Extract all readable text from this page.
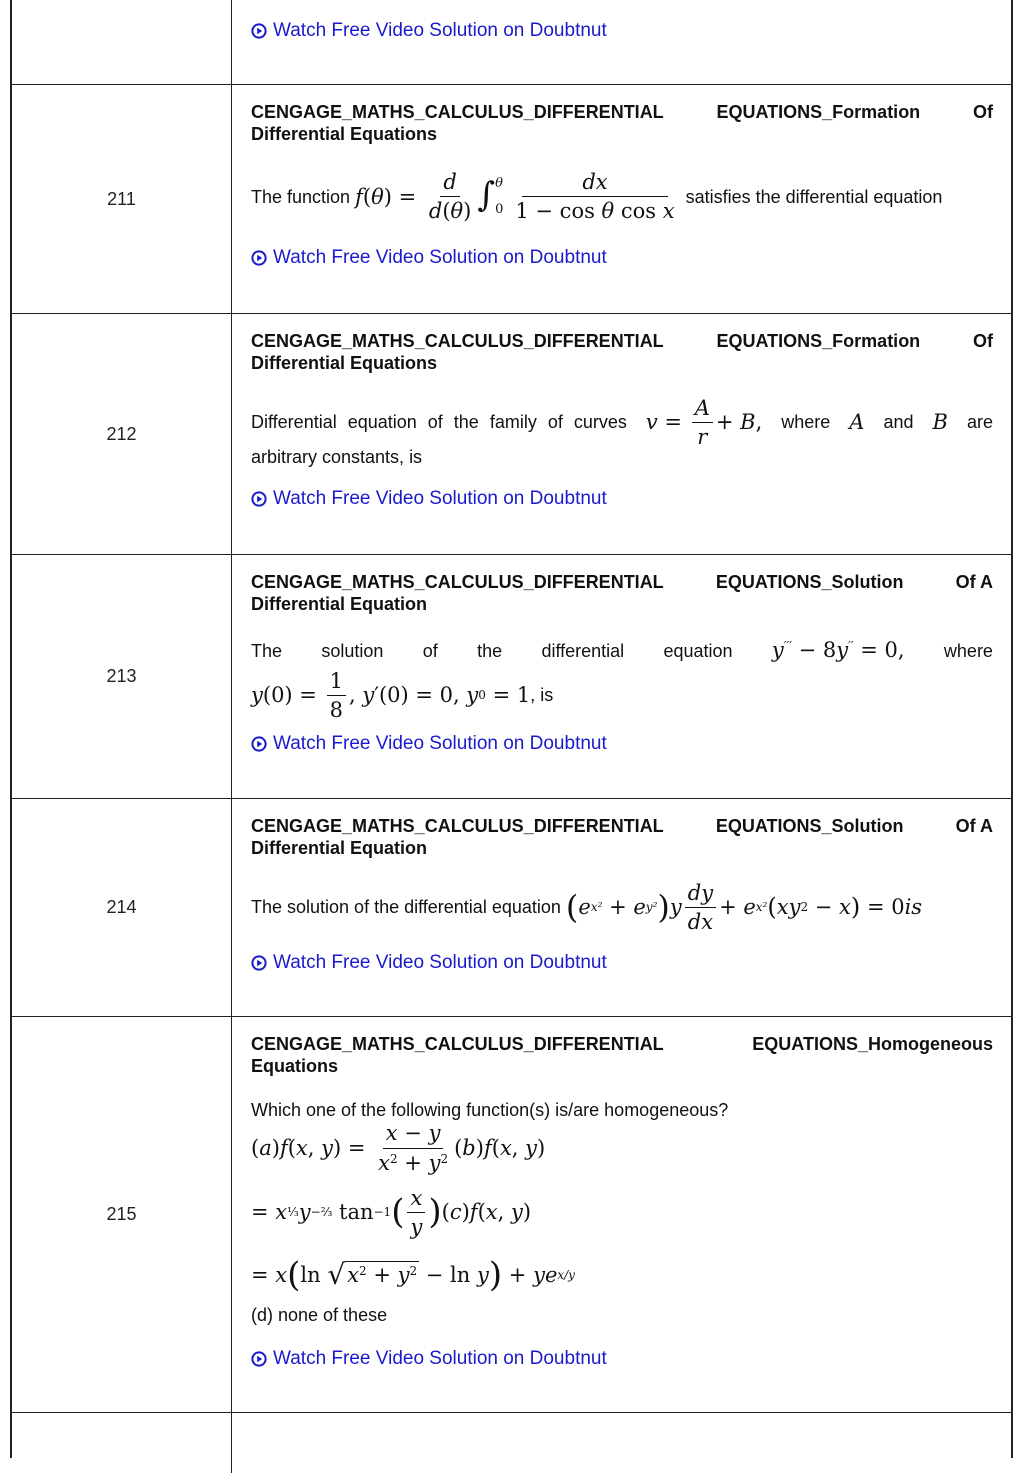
Watch Free Video Solution on Doubtnut
211
CENGAGE_MATHS_CALCULUS_DIFFERENTIAL	EQUATIONS_Formation	Of
Differential Equations
The function
f ( θ ) = $\frac{d}{d(\theta)}$ ∫ θ
$0 \frac{dx}{\text{1 − cos θ cos x}}$
satisfies the differential equation
Watch Free Video Solution on Doubtnut
212
CENGAGE_MATHS_CALCULUS_DIFFERENTIAL	EQUATIONS_Formation	Of
Differential Equations
Differential equation of the family of curves $v = \frac{A}{r} + B$ , where A and B are
arbitrary constants, is
Watch Free Video Solution on Doubtnut
213
CENGAGE_MATHS_CALCULUS_DIFFERENTIAL	EQUATIONS_Solution	Of A
Differential Equation
The solution of the differential equation y′′′ − 8y′′ = 0, where
y $(0) = \frac{1}{8}$ , y ′(0) = 0, y 0 = 1 , is
Watch Free Video Solution on Doubtnut
214
CENGAGE_MATHS_CALCULUS_DIFFERENTIAL	EQUATIONS_Solution	Of A
Differential Equation
The solution of the differential equation
( e x² + e y² ) y $\frac{dy}{dx} + e$ x² ( xy 2 − x ) = 0 is
Watch Free Video Solution on Doubtnut
215
CENGAGE_MATHS_CALCULUS_DIFFERENTIAL	EQUATIONS_Homogeneous
Equations
Which one of the following function(s) is/are homogeneous?
( a ) f ( x , y ) = $\frac{x - y}{x^2 + y^2}$ ( b ) f ( x , y )
= x ⅓ y −⅔ tan −1 ( $\frac{x}{y}$ ) ( c ) f ( x , y )
= x ( ln √ $x^2 + y^2 - \ln y$ ) + ye x/y
(d) none of these
Watch Free Video Solution on Doubtnut
